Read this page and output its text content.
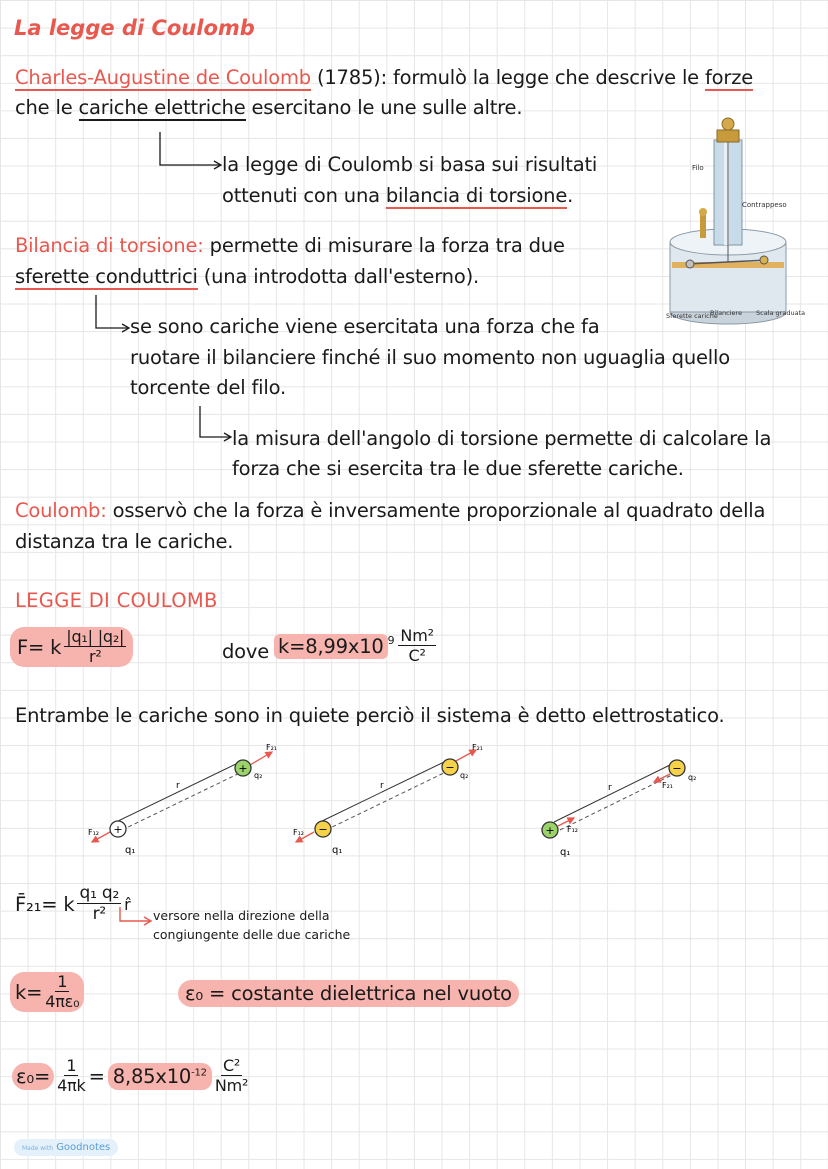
La legge di Coulomb
Charles-Augustine de Coulomb (1785): formulò la legge che descrive le forze
che le cariche elettriche esercitano le une sulle altre.
la legge di Coulomb si basa sui risultati
ottenuti con una bilancia di torsione.
Bilancia di torsione: permette di misurare la forza tra due
sferette conduttrici (una introdotta dall'esterno).
se sono cariche viene esercitata una forza che fa
ruotare il bilanciere finché il suo momento non uguaglia quello
torcente del filo.
la misura dell'angolo di torsione permette di calcolare la
forza che si esercita tra le due sferette cariche.
Coulomb: osservò che la forza è inversamente proporzionale al quadrato della
distanza tra le cariche.
Filo
Contrappeso
Sferette cariche
Bilanciere Scala graduata
LEGGE DI COULOMB
F= k $\frac{\text{|q₁| |q₂|}}{\text{r²}}$	dove k=8,99x10 $^9 \frac{\text{Nm²}}{\text{C²}}$
Entrambe le cariche sono in quiete perciò il sistema è detto elettrostatico.
+
+
r
q₂
q₁
F₂₁
F₁₂
−
−
r
q₂
q₁
F₂₁
F₁₂
−
+
r
q₂
q₁
F₂₁
F₁₂
F̄₂₁= k $\frac{\text{q₁ q₂}}{\text{r²}}$ r̂
versore nella direzione della
congiungente delle due cariche
$k= \frac{1}{\text{4πε₀}}$	ε₀ = costante dielettrica nel vuoto
$\varepsilon_0= \frac{1}{4\pi k} = 8,85x10^{-12} \frac{\text{C²}}{\text{Nm²}}$
Made with Goodnotes
